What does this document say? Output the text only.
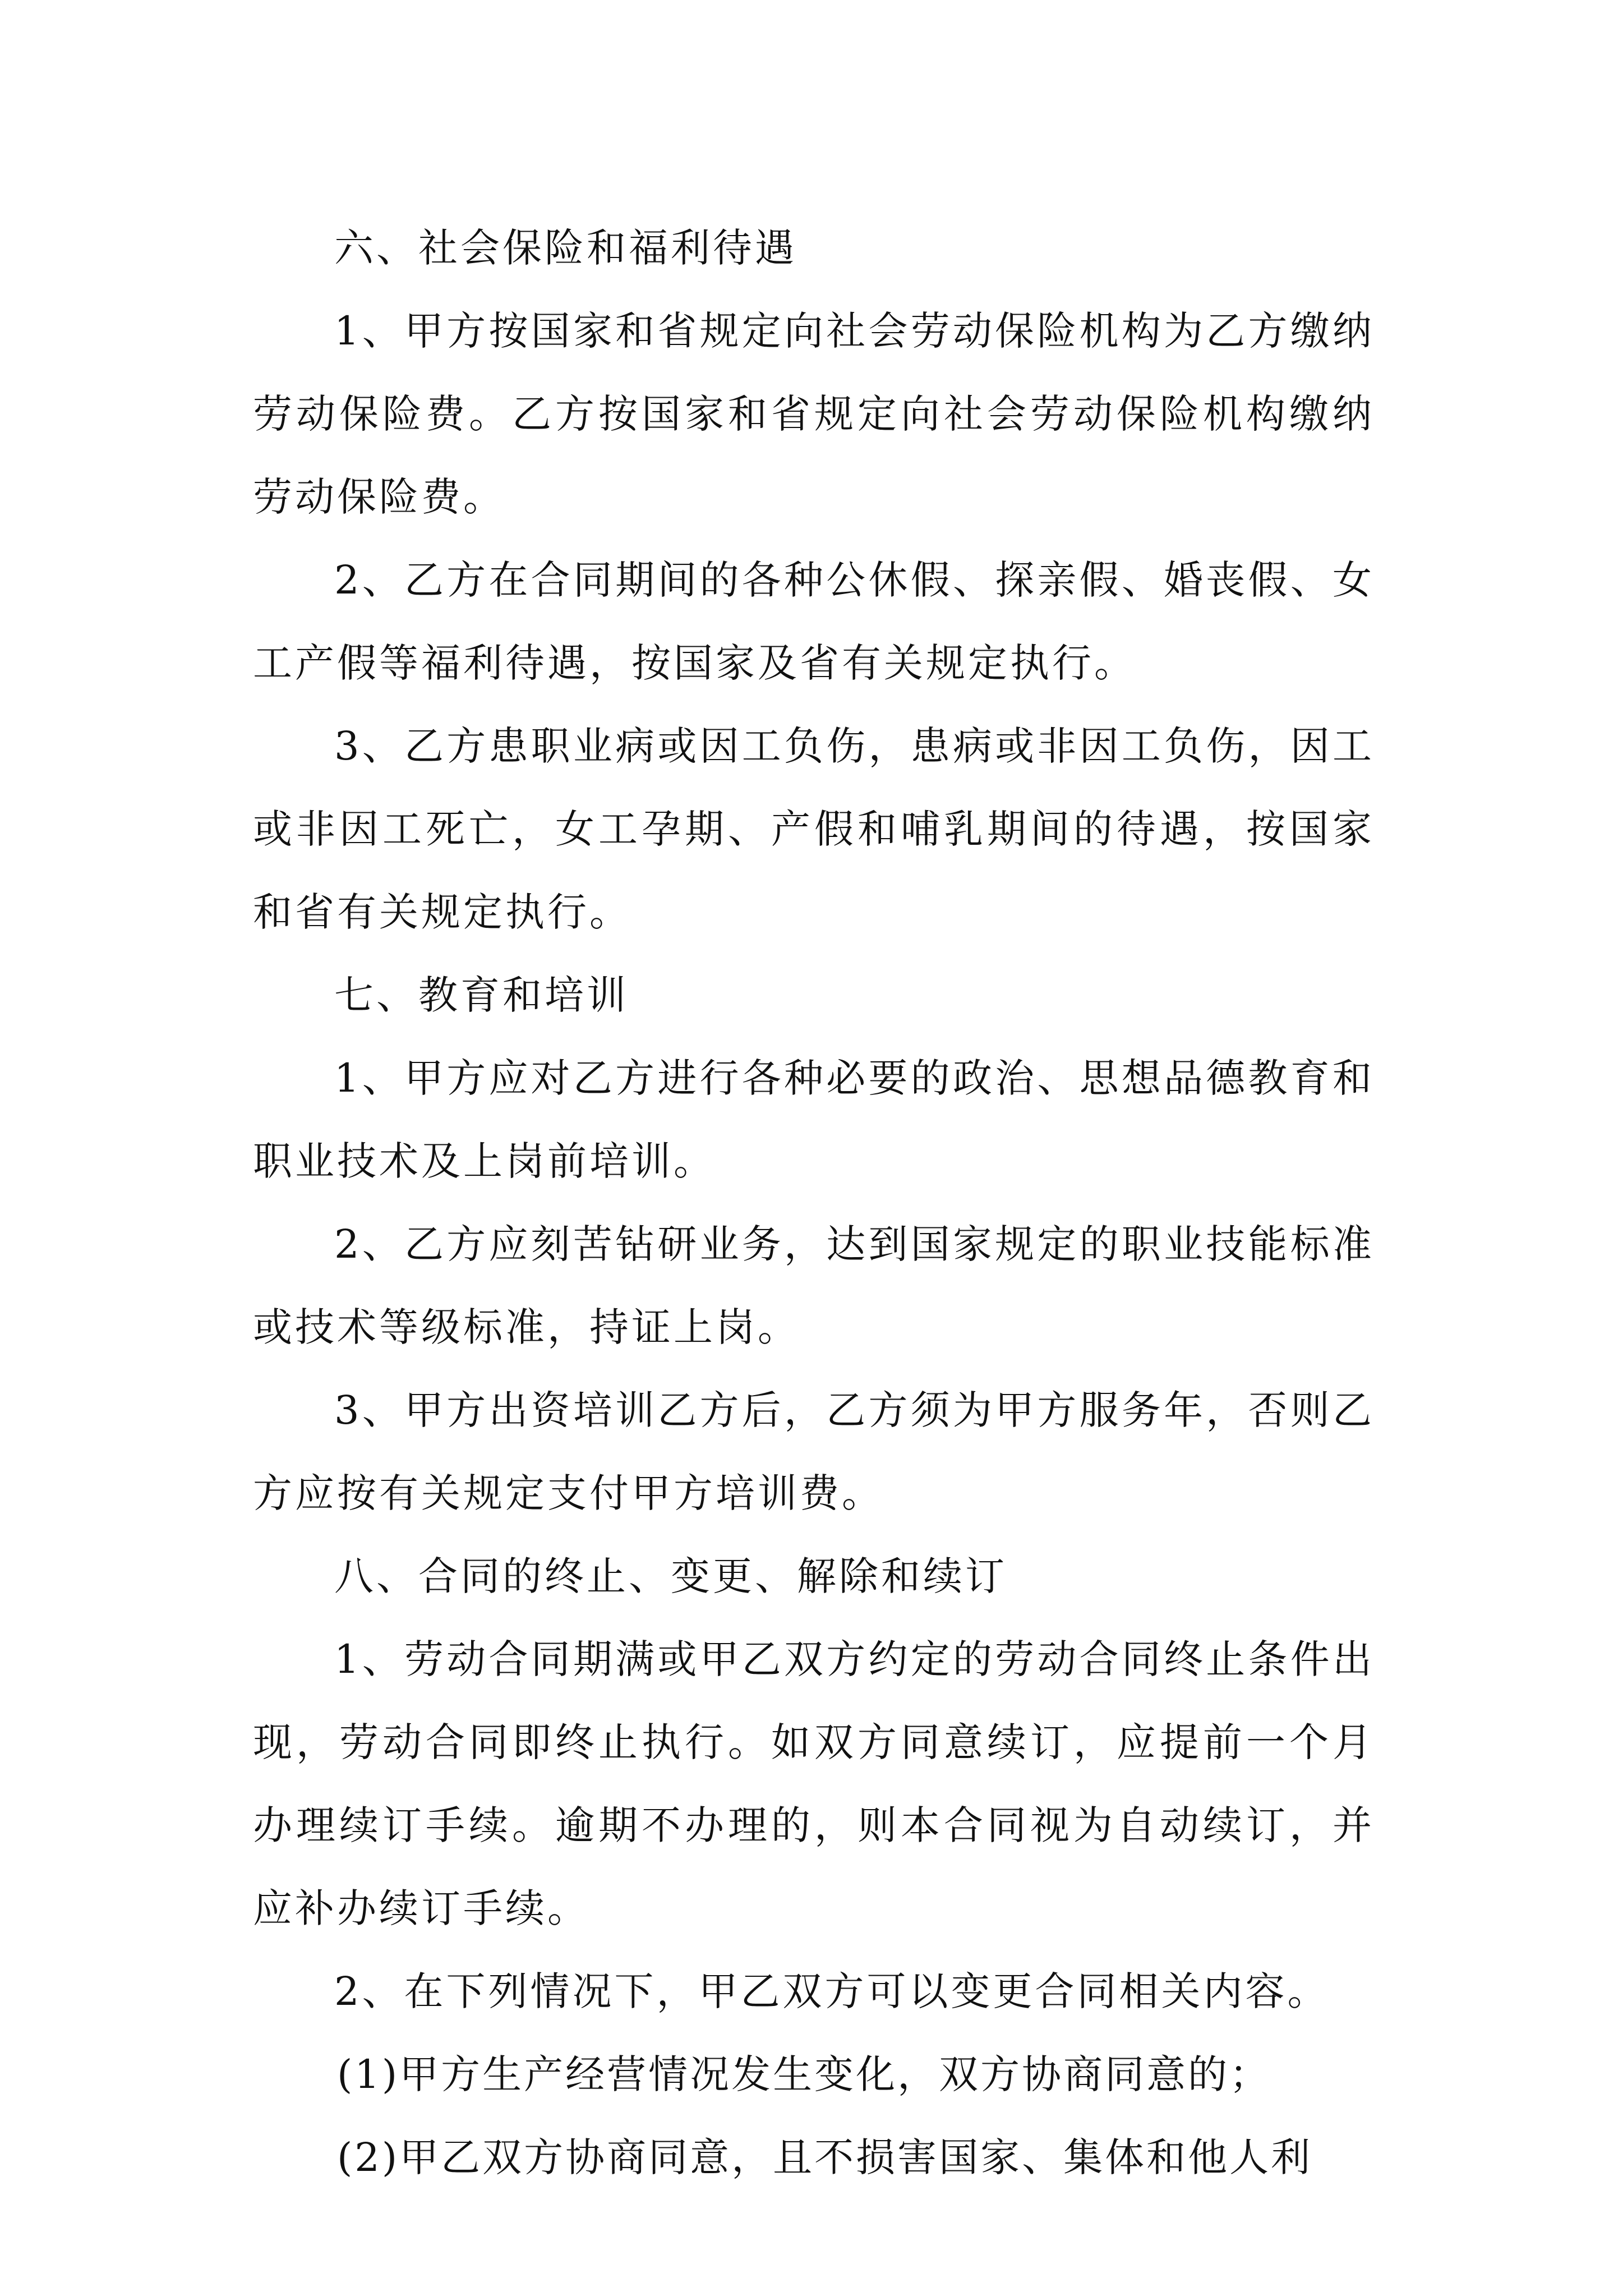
六、社会保险和福利待遇

1、甲方按国家和省规定向社会劳动保险机构为乙方缴纳劳动保险费。乙方按国家和省规定向社会劳动保险机构缴纳劳动保险费。

2、乙方在合同期间的各种公休假、探亲假、婚丧假、女工产假等福利待遇，按国家及省有关规定执行。

3、乙方患职业病或因工负伤，患病或非因工负伤，因工或非因工死亡，女工孕期、产假和哺乳期间的待遇，按国家和省有关规定执行。

七、教育和培训

1、甲方应对乙方进行各种必要的政治、思想品德教育和职业技术及上岗前培训。

2、乙方应刻苦钻研业务，达到国家规定的职业技能标准或技术等级标准，持证上岗。

3、甲方出资培训乙方后，乙方须为甲方服务年，否则乙方应按有关规定支付甲方培训费。

八、合同的终止、变更、解除和续订

1、劳动合同期满或甲乙双方约定的劳动合同终止条件出现，劳动合同即终止执行。如双方同意续订，应提前一个月办理续订手续。逾期不办理的，则本合同视为自动续订，并应补办续订手续。

2、在下列情况下，甲乙双方可以变更合同相关内容。

(1)甲方生产经营情况发生变化，双方协商同意的；

(2)甲乙双方协商同意，且不损害国家、集体和他人利
